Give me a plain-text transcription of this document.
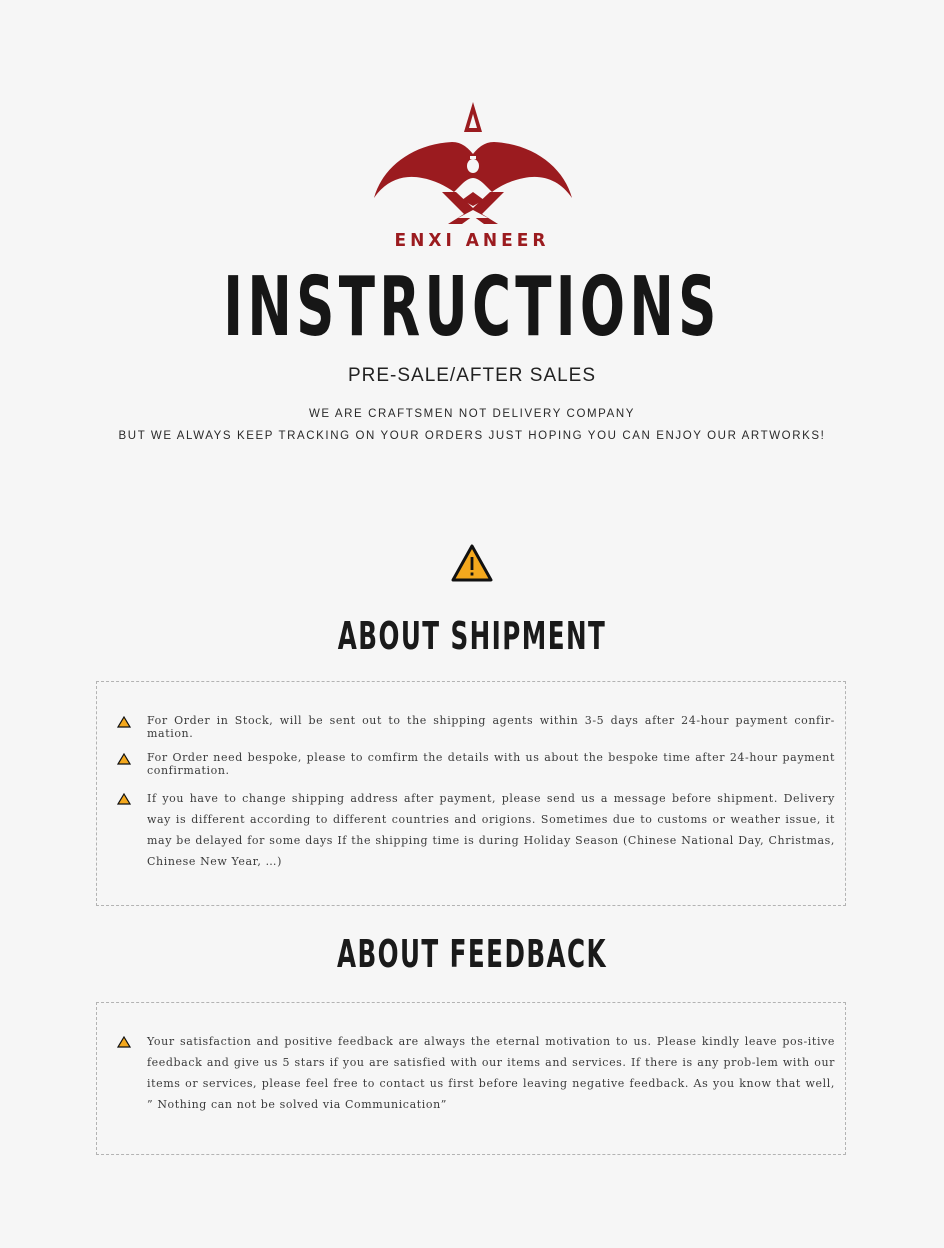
ENXI ANEER
INSTRUCTIONS
PRE-SALE/AFTER SALES
WE ARE CRAFTSMEN NOT DELIVERY COMPANY
BUT WE ALWAYS KEEP TRACKING ON YOUR ORDERS JUST HOPING YOU CAN ENJOY OUR ARTWORKS!
ABOUT SHIPMENT
For Order in Stock, will be sent out to the shipping agents within 3-5 days after 24-hour payment confir-mation.
For Order need bespoke, please to comfirm the details with us about the bespoke time after 24-hour payment confirmation.
If you have to change shipping address after payment, please send us a message before shipment. Delivery way is different according to different countries and origions. Sometimes due to customs or weather issue, it may be delayed for some days If the shipping time is during Holiday Season (Chinese National Day, Christmas, Chinese New Year, …)
ABOUT FEEDBACK
Your satisfaction and positive feedback are always the eternal motivation to us. Please kindly leave pos-itive feedback and give us 5 stars if you are satisfied with our items and services. If there is any prob-lem with our items or services, please feel free to contact us first before leaving negative feedback. As you know that well, ” Nothing can not be solved via Communication”
